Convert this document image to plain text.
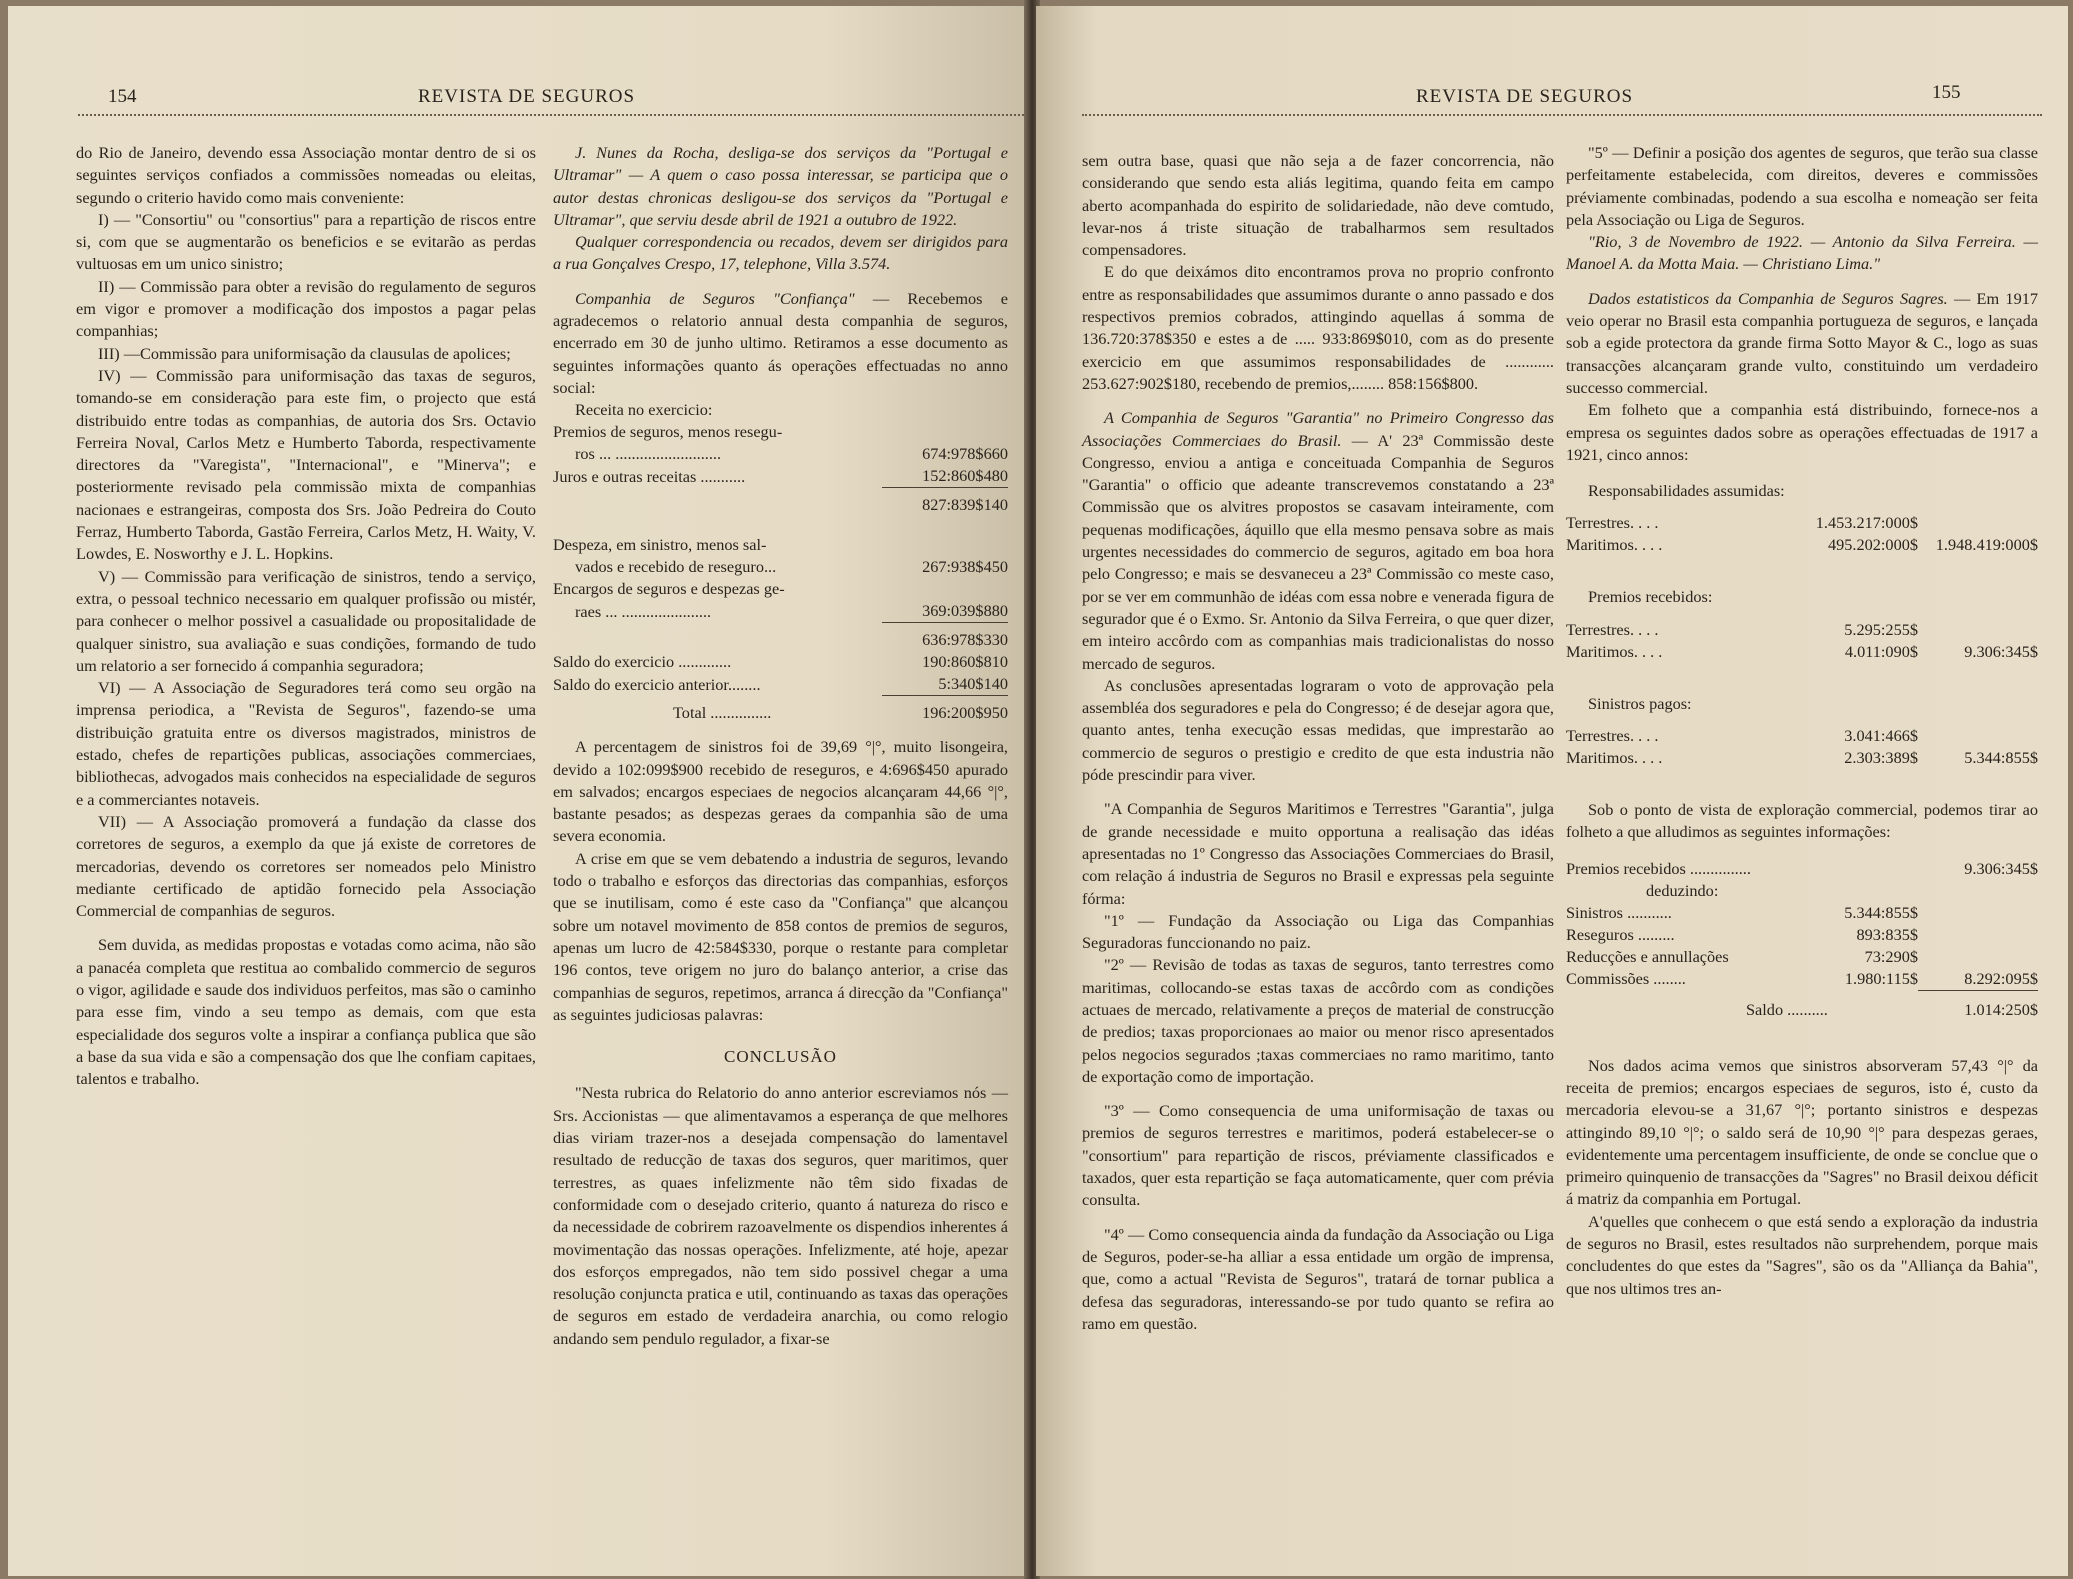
154	REVISTA DE SEGUROS

do Rio de Janeiro, devendo essa Associação montar dentro de si os seguintes serviços confiados a commissões nomeadas ou eleitas, segundo o criterio havido como mais conveniente:

I) — "Consortiu" ou "consortius" para a repartição de riscos entre si, com que se augmentarão os beneficios e se evitarão as perdas vultuosas em um unico sinistro;

II) — Commissão para obter a revisão do regulamento de seguros em vigor e promover a modificação dos impostos a pagar pelas companhias;

III) —Commissão para uniformisação da clausulas de apolices;

IV) — Commissão para uniformisação das taxas de seguros, tomando-se em consideração para este fim, o projecto que está distribuido entre todas as companhias, de autoria dos Srs. Octavio Ferreira Noval, Carlos Metz e Humberto Taborda, respectivamente directores da "Varegista", "Internacional", e "Minerva"; e posteriormente revisado pela commissão mixta de companhias nacionaes e estrangeiras, composta dos Srs. João Pedreira do Couto Ferraz, Humberto Taborda, Gastão Ferreira, Carlos Metz, H. Waity, V. Lowdes, E. Nosworthy e J. L. Hopkins.

V) — Commissão para verificação de sinistros, tendo a serviço, extra, o pessoal technico necessario em qualquer profissão ou mistér, para conhecer o melhor possivel a casualidade ou propositalidade de qualquer sinistro, sua avaliação e suas condições, formando de tudo um relatorio a ser fornecido á companhia seguradora;

VI) — A Associação de Seguradores terá como seu orgão na imprensa periodica, a "Revista de Seguros", fazendo-se uma distribuição gratuita entre os diversos magistrados, ministros de estado, chefes de repartições publicas, associações commerciaes, bibliothecas, advogados mais conhecidos na especialidade de seguros e a commerciantes notaveis.

VII) — A Associação promoverá a fundação da classe dos corretores de seguros, a exemplo da que já existe de corretores de mercadorias, devendo os corretores ser nomeados pelo Ministro mediante certificado de aptidão fornecido pela Associação Commercial de companhias de seguros.

Sem duvida, as medidas propostas e votadas como acima, não são a panacéa completa que restitua ao combalido commercio de seguros o vigor, agilidade e saude dos individuos perfeitos, mas são o caminho para esse fim, vindo a seu tempo as demais, com que esta especialidade dos seguros volte a inspirar a confiança publica que são a base da sua vida e são a compensação dos que lhe confiam capitaes, talentos e trabalho.

J. Nunes da Rocha, desliga-se dos serviços da "Portugal e Ultramar" — A quem o caso possa interessar, se participa que o autor destas chronicas desligou-se dos serviços da "Portugal e Ultramar", que serviu desde abril de 1921 a outubro de 1922.

Qualquer correspondencia ou recados, devem ser dirigidos para a rua Gonçalves Crespo, 17, telephone, Villa 3.574.

Companhia de Seguros "Confiança" — Recebemos e agradecemos o relatorio annual desta companhia de seguros, encerrado em 30 de junho ultimo. Retiramos a esse documento as seguintes informações quanto ás operações effectuadas no anno social:

Receita no exercicio:	
Premios de seguros, menos resegu-	
ros ... ..........................	674:978$660
Juros e outras receitas ...........	152:860$480
	827:839$140
Despeza, em sinistro, menos sal-	
vados e recebido de reseguro...	267:938$450
Encargos de seguros e despezas ge-	
raes ... ......................	369:039$880
	636:978$330
Saldo do exercicio .............	190:860$810
Saldo do exercicio anterior........	5:340$140
Total ...............	196:200$950

A percentagem de sinistros foi de 39,69 °|°, muito lisongeira, devido a 102:099$900 recebido de reseguros, e 4:696$450 apurado em salvados; encargos especiaes de negocios alcançaram 44,66 °|°, bastante pesados; as despezas geraes da companhia são de uma severa economia.

A crise em que se vem debatendo a industria de seguros, levando todo o trabalho e esforços das directorias das companhias, esforços que se inutilisam, como é este caso da "Confiança" que alcançou sobre um notavel movimento de 858 contos de premios de seguros, apenas um lucro de 42:584$330, porque o restante para completar 196 contos, teve origem no juro do balanço anterior, a crise das companhias de seguros, repetimos, arranca á direcção da "Confiança" as seguintes judiciosas palavras:

CONCLUSÃO

"Nesta rubrica do Relatorio do anno anterior escreviamos nós — Srs. Accionistas — que alimentavamos a esperança de que melhores dias viriam trazer-nos a desejada compensação do lamentavel resultado de reducção de taxas dos seguros, quer maritimos, quer terrestres, as quaes infelizmente não têm sido fixadas de conformidade com o desejado criterio, quanto á natureza do risco e da necessidade de cobrirem razoavelmente os dispendios inherentes á movimentação das nossas operações. Infelizmente, até hoje, apezar dos esforços empregados, não tem sido possivel chegar a uma resolução conjuncta pratica e util, continuando as taxas das operações de seguros em estado de verdadeira anarchia, ou como relogio andando sem pendulo regulador, a fixar-se

REVISTA DE SEGUROS	155

sem outra base, quasi que não seja a de fazer concorrencia, não considerando que sendo esta aliás legitima, quando feita em campo aberto acompanhada do espirito de solidariedade, não deve comtudo, levar-nos á triste situação de trabalharmos sem resultados compensadores.

E do que deixámos dito encontramos prova no proprio confronto entre as responsabilidades que assumimos durante o anno passado e dos respectivos premios cobrados, attingindo aquellas á somma de 136.720:378$350 e estes a de ..... 933:869$010, com as do presente exercicio em que assumimos responsabilidades de ............ 253.627:902$180, recebendo de premios,........ 858:156$800.

A Companhia de Seguros "Garantia" no Primeiro Congresso das Associações Commerciaes do Brasil. — A' 23ª Commissão deste Congresso, enviou a antiga e conceituada Companhia de Seguros "Garantia" o officio que adeante transcrevemos constatando a 23ª Commissão que os alvitres propostos se casavam inteiramente, com pequenas modificações, áquillo que ella mesmo pensava sobre as mais urgentes necessidades do commercio de seguros, agitado em boa hora pelo Congresso; e mais se desvaneceu a 23ª Commissão co meste caso, por se ver em communhão de idéas com essa nobre e venerada figura de segurador que é o Exmo. Sr. Antonio da Silva Ferreira, o que quer dizer, em inteiro accôrdo com as companhias mais tradicionalistas do nosso mercado de seguros.

As conclusões apresentadas lograram o voto de approvação pela assembléa dos seguradores e pela do Congresso; é de desejar agora que, quanto antes, tenha execução essas medidas, que imprestarão ao commercio de seguros o prestigio e credito de que esta industria não póde prescindir para viver.

"A Companhia de Seguros Maritimos e Terrestres "Garantia", julga de grande necessidade e muito opportuna a realisação das idéas apresentadas no 1º Congresso das Associações Commerciaes do Brasil, com relação á industria de Seguros no Brasil e expressas pela seguinte fórma:

"1º — Fundação da Associação ou Liga das Companhias Seguradoras funccionando no paiz.

"2º — Revisão de todas as taxas de seguros, tanto terrestres como maritimas, collocando-se estas taxas de accôrdo com as condições actuaes de mercado, relativamente a preços de material de construcção de predios; taxas proporcionaes ao maior ou menor risco apresentados pelos negocios segurados ;taxas commerciaes no ramo maritimo, tanto de exportação como de importação.

"3º — Como consequencia de uma uniformisação de taxas ou premios de seguros terrestres e maritimos, poderá estabelecer-se o "consortium" para repartição de riscos, préviamente classificados e taxados, quer esta repartição se faça automaticamente, quer com prévia consulta.

"4º — Como consequencia ainda da fundação da Associação ou Liga de Seguros, poder-se-ha alliar a essa entidade um orgão de imprensa, que, como a actual "Revista de Seguros", tratará de tornar publica a defesa das seguradoras, interessando-se por tudo quanto se refira ao ramo em questão.

"5º — Definir a posição dos agentes de seguros, que terão sua classe perfeitamente estabelecida, com direitos, deveres e commissões préviamente combinadas, podendo a sua escolha e nomeação ser feita pela Associação ou Liga de Seguros.

"Rio, 3 de Novembro de 1922. — Antonio da Silva Ferreira. — Manoel A. da Motta Maia. — Christiano Lima."

Dados estatisticos da Companhia de Seguros Sagres. — Em 1917 veio operar no Brasil esta companhia portugueza de seguros, e lançada sob a egide protectora da grande firma Sotto Mayor & C., logo as suas transacções alcançaram grande vulto, constituindo um verdadeiro successo commercial.

Em folheto que a companhia está distribuindo, fornece-nos a empresa os seguintes dados sobre as operações effectuadas de 1917 a 1921, cinco annos:

Responsabilidades assumidas:
Terrestres. . . .	1.453.217:000$	
Maritimos. . . .	495.202:000$	1.948.419:000$
Premios recebidos:
Terrestres. . . .	5.295:255$	
Maritimos. . . .	4.011:090$	9.306:345$
Sinistros pagos:
Terrestres. . . .	3.041:466$	
Maritimos. . . .	2.303:389$	5.344:855$

Sob o ponto de vista de exploração commercial, podemos tirar ao folheto a que alludimos as seguintes informações:

Premios recebidos ...............		9.306:345$
deduzindo:		
Sinistros ...........	5.344:855$	
Reseguros .........	893:835$	
Reducções e annullações	73:290$	
Commissões ........	1.980:115$	8.292:095$
Saldo ..........		1.014:250$

Nos dados acima vemos que sinistros absorveram 57,43 °|° da receita de premios; encargos especiaes de seguros, isto é, custo da mercadoria elevou-se a 31,67 °|°; portanto sinistros e despezas attingindo 89,10 °|°; o saldo será de 10,90 °|° para despezas geraes, evidentemente uma percentagem insufficiente, de onde se conclue que o primeiro quinquenio de transacções da "Sagres" no Brasil deixou déficit á matriz da companhia em Portugal.

A'quelles que conhecem o que está sendo a exploração da industria de seguros no Brasil, estes resultados não surprehendem, porque mais concludentes do que estes da "Sagres", são os da "Alliança da Bahia", que nos ultimos tres an-
